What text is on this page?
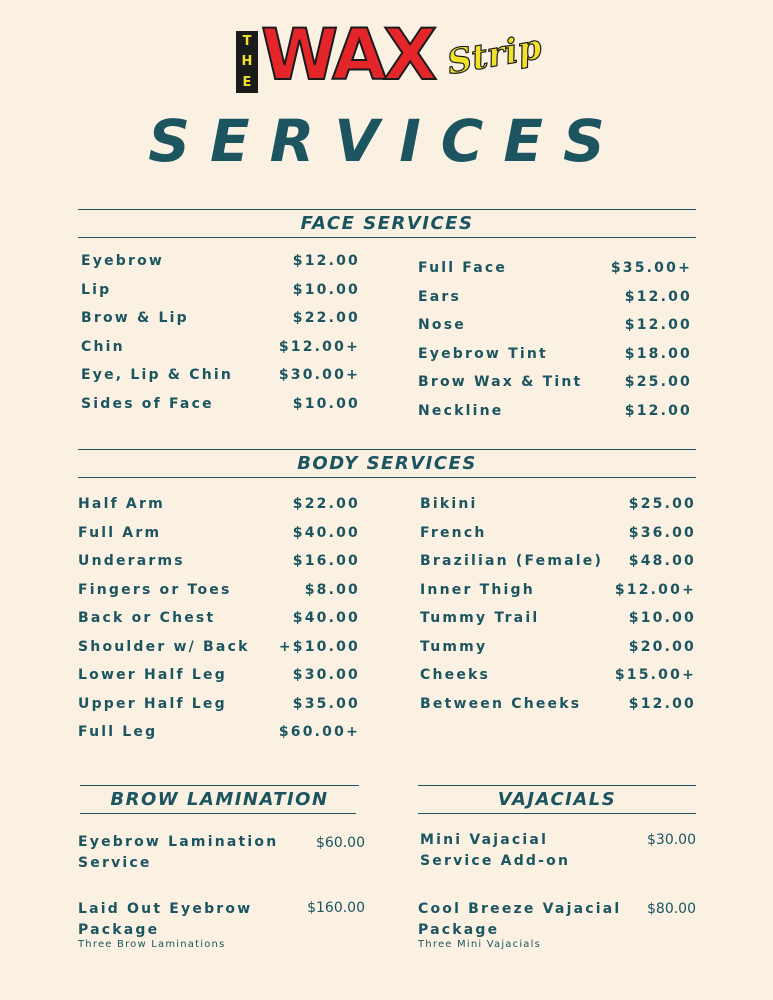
T
H
E WAX Strip
SERVICES
FACE SERVICES
Eyebrow	$12.00
Lip	$10.00
Brow & Lip	$22.00
Chin	$12.00+
Eye, Lip & Chin	$30.00+
Sides of Face	$10.00
Full Face	$35.00+
Ears	$12.00
Nose	$12.00
Eyebrow Tint	$18.00
Brow Wax & Tint	$25.00
Neckline	$12.00
BODY SERVICES
Half Arm	$22.00
Full Arm	$40.00
Underarms	$16.00
Fingers or Toes	$8.00
Back or Chest	$40.00
Shoulder w/ Back +$10.00
Lower Half Leg	$30.00
Upper Half Leg	$35.00
Full Leg	$60.00+
Bikini	$25.00
French	$36.00
Brazilian (Female) $48.00
Inner Thigh	$12.00+
Tummy Trail	$10.00
Tummy	$20.00
Cheeks	$15.00+
Between Cheeks	$12.00
BROW LAMINATION
Eyebrow Lamination
Service
$60.00
Laid Out Eyebrow
Package
$160.00
Three Brow Laminations
VAJACIALS
Mini Vajacial
Service Add-on
$30.00
Cool Breeze Vajacial
Package
$80.00
Three Mini Vajacials
